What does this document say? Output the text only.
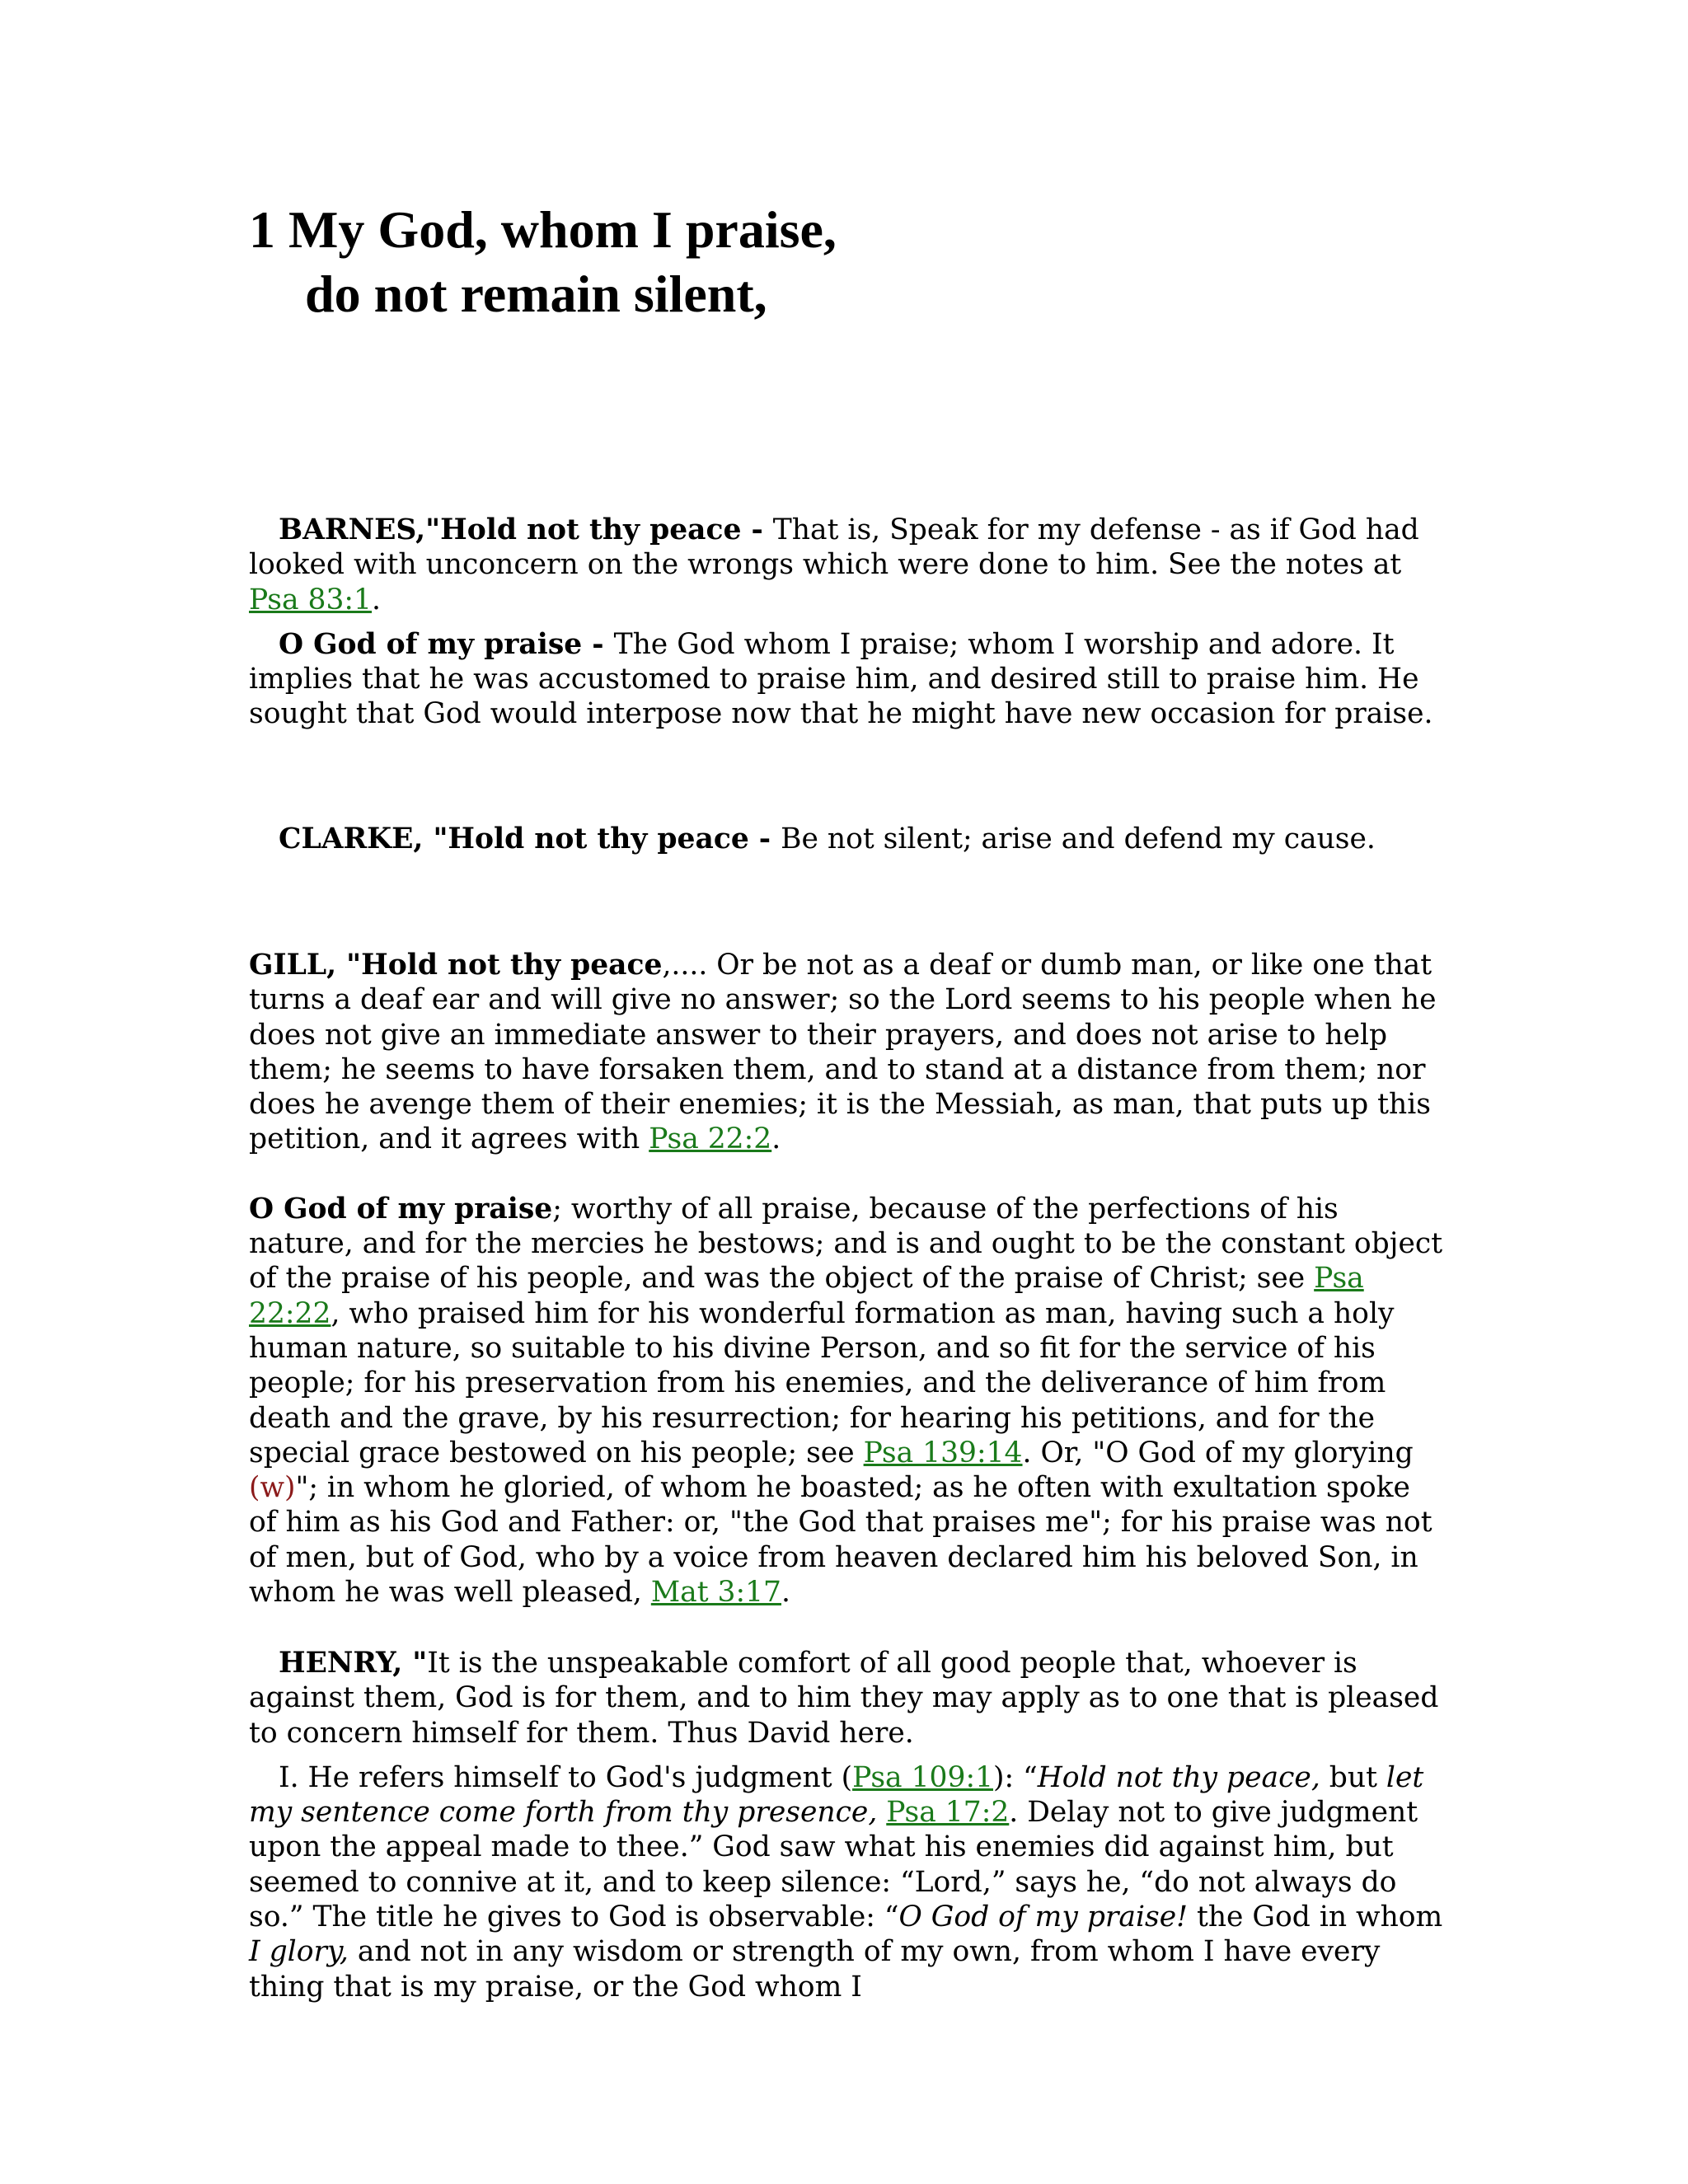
1 My God, whom I praise,
do not remain silent,

BARNES,"Hold not thy peace - That is, Speak for my defense - as if God had looked with unconcern on the wrongs which were done to him. See the notes at Psa 83:1.

O God of my praise - The God whom I praise; whom I worship and adore. It implies that he was accustomed to praise him, and desired still to praise him. He sought that God would interpose now that he might have new occasion for praise.

CLARKE, "Hold not thy peace - Be not silent; arise and defend my cause.

GILL, "Hold not thy peace,.... Or be not as a deaf or dumb man, or like one that turns a deaf ear and will give no answer; so the Lord seems to his people when he does not give an immediate answer to their prayers, and does not arise to help them; he seems to have forsaken them, and to stand at a distance from them; nor does he avenge them of their enemies; it is the Messiah, as man, that puts up this petition, and it agrees with Psa 22:2.

O God of my praise; worthy of all praise, because of the perfections of his nature, and for the mercies he bestows; and is and ought to be the constant object of the praise of his people, and was the object of the praise of Christ; see Psa 22:22, who praised him for his wonderful formation as man, having such a holy human nature, so suitable to his divine Person, and so fit for the service of his people; for his preservation from his enemies, and the deliverance of him from death and the grave, by his resurrection; for hearing his petitions, and for the special grace bestowed on his people; see Psa 139:14. Or, "O God of my glorying (w)"; in whom he gloried, of whom he boasted; as he often with exultation spoke of him as his God and Father: or, "the God that praises me"; for his praise was not of men, but of God, who by a voice from heaven declared him his beloved Son, in whom he was well pleased, Mat 3:17.

HENRY, "It is the unspeakable comfort of all good people that, whoever is against them, God is for them, and to him they may apply as to one that is pleased to concern himself for them. Thus David here.

I. He refers himself to God's judgment (Psa 109:1): “Hold not thy peace, but let my sentence come forth from thy presence, Psa 17:2. Delay not to give judgment upon the appeal made to thee.” God saw what his enemies did against him, but seemed to connive at it, and to keep silence: “Lord,” says he, “do not always do so.” The title he gives to God is observable: “O God of my praise! the God in whom I glory, and not in any wisdom or strength of my own, from whom I have every thing that is my praise, or the God whom I
